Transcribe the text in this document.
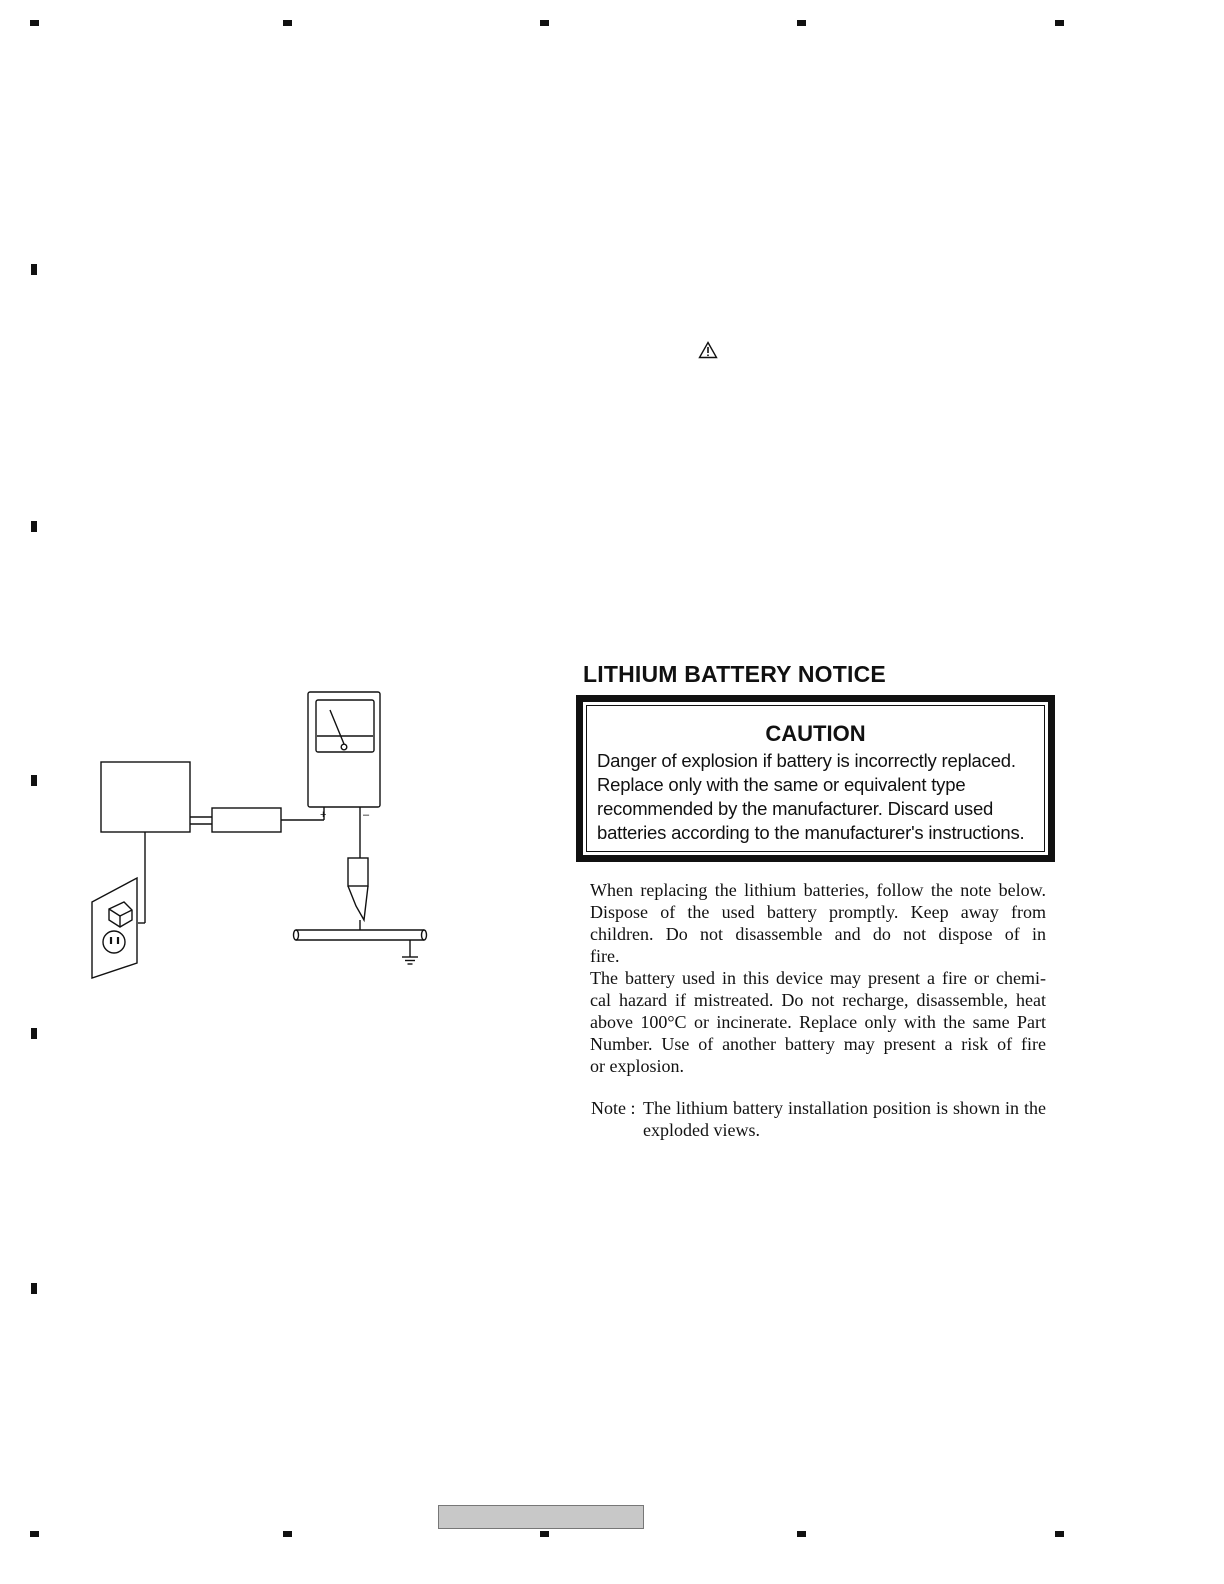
+	–
LITHIUM BATTERY NOTICE
CAUTION
Danger of explosion if battery is incorrectly replaced.
Replace only with the same or equivalent type
recommended by the manufacturer. Discard used
batteries according to the manufacturer's instructions.
When replacing the lithium batteries, follow the note below.
Dispose of the used battery promptly. Keep away from
children. Do not disassemble and do not dispose of in
fire.
The battery used in this device may present a fire or chemi-
cal hazard if mistreated. Do not recharge, disassemble, heat
above 100°C or incinerate. Replace only with the same Part
Number. Use of another battery may present a risk of fire
or explosion.
Note : The lithium battery installation position is shown in the exploded views.
